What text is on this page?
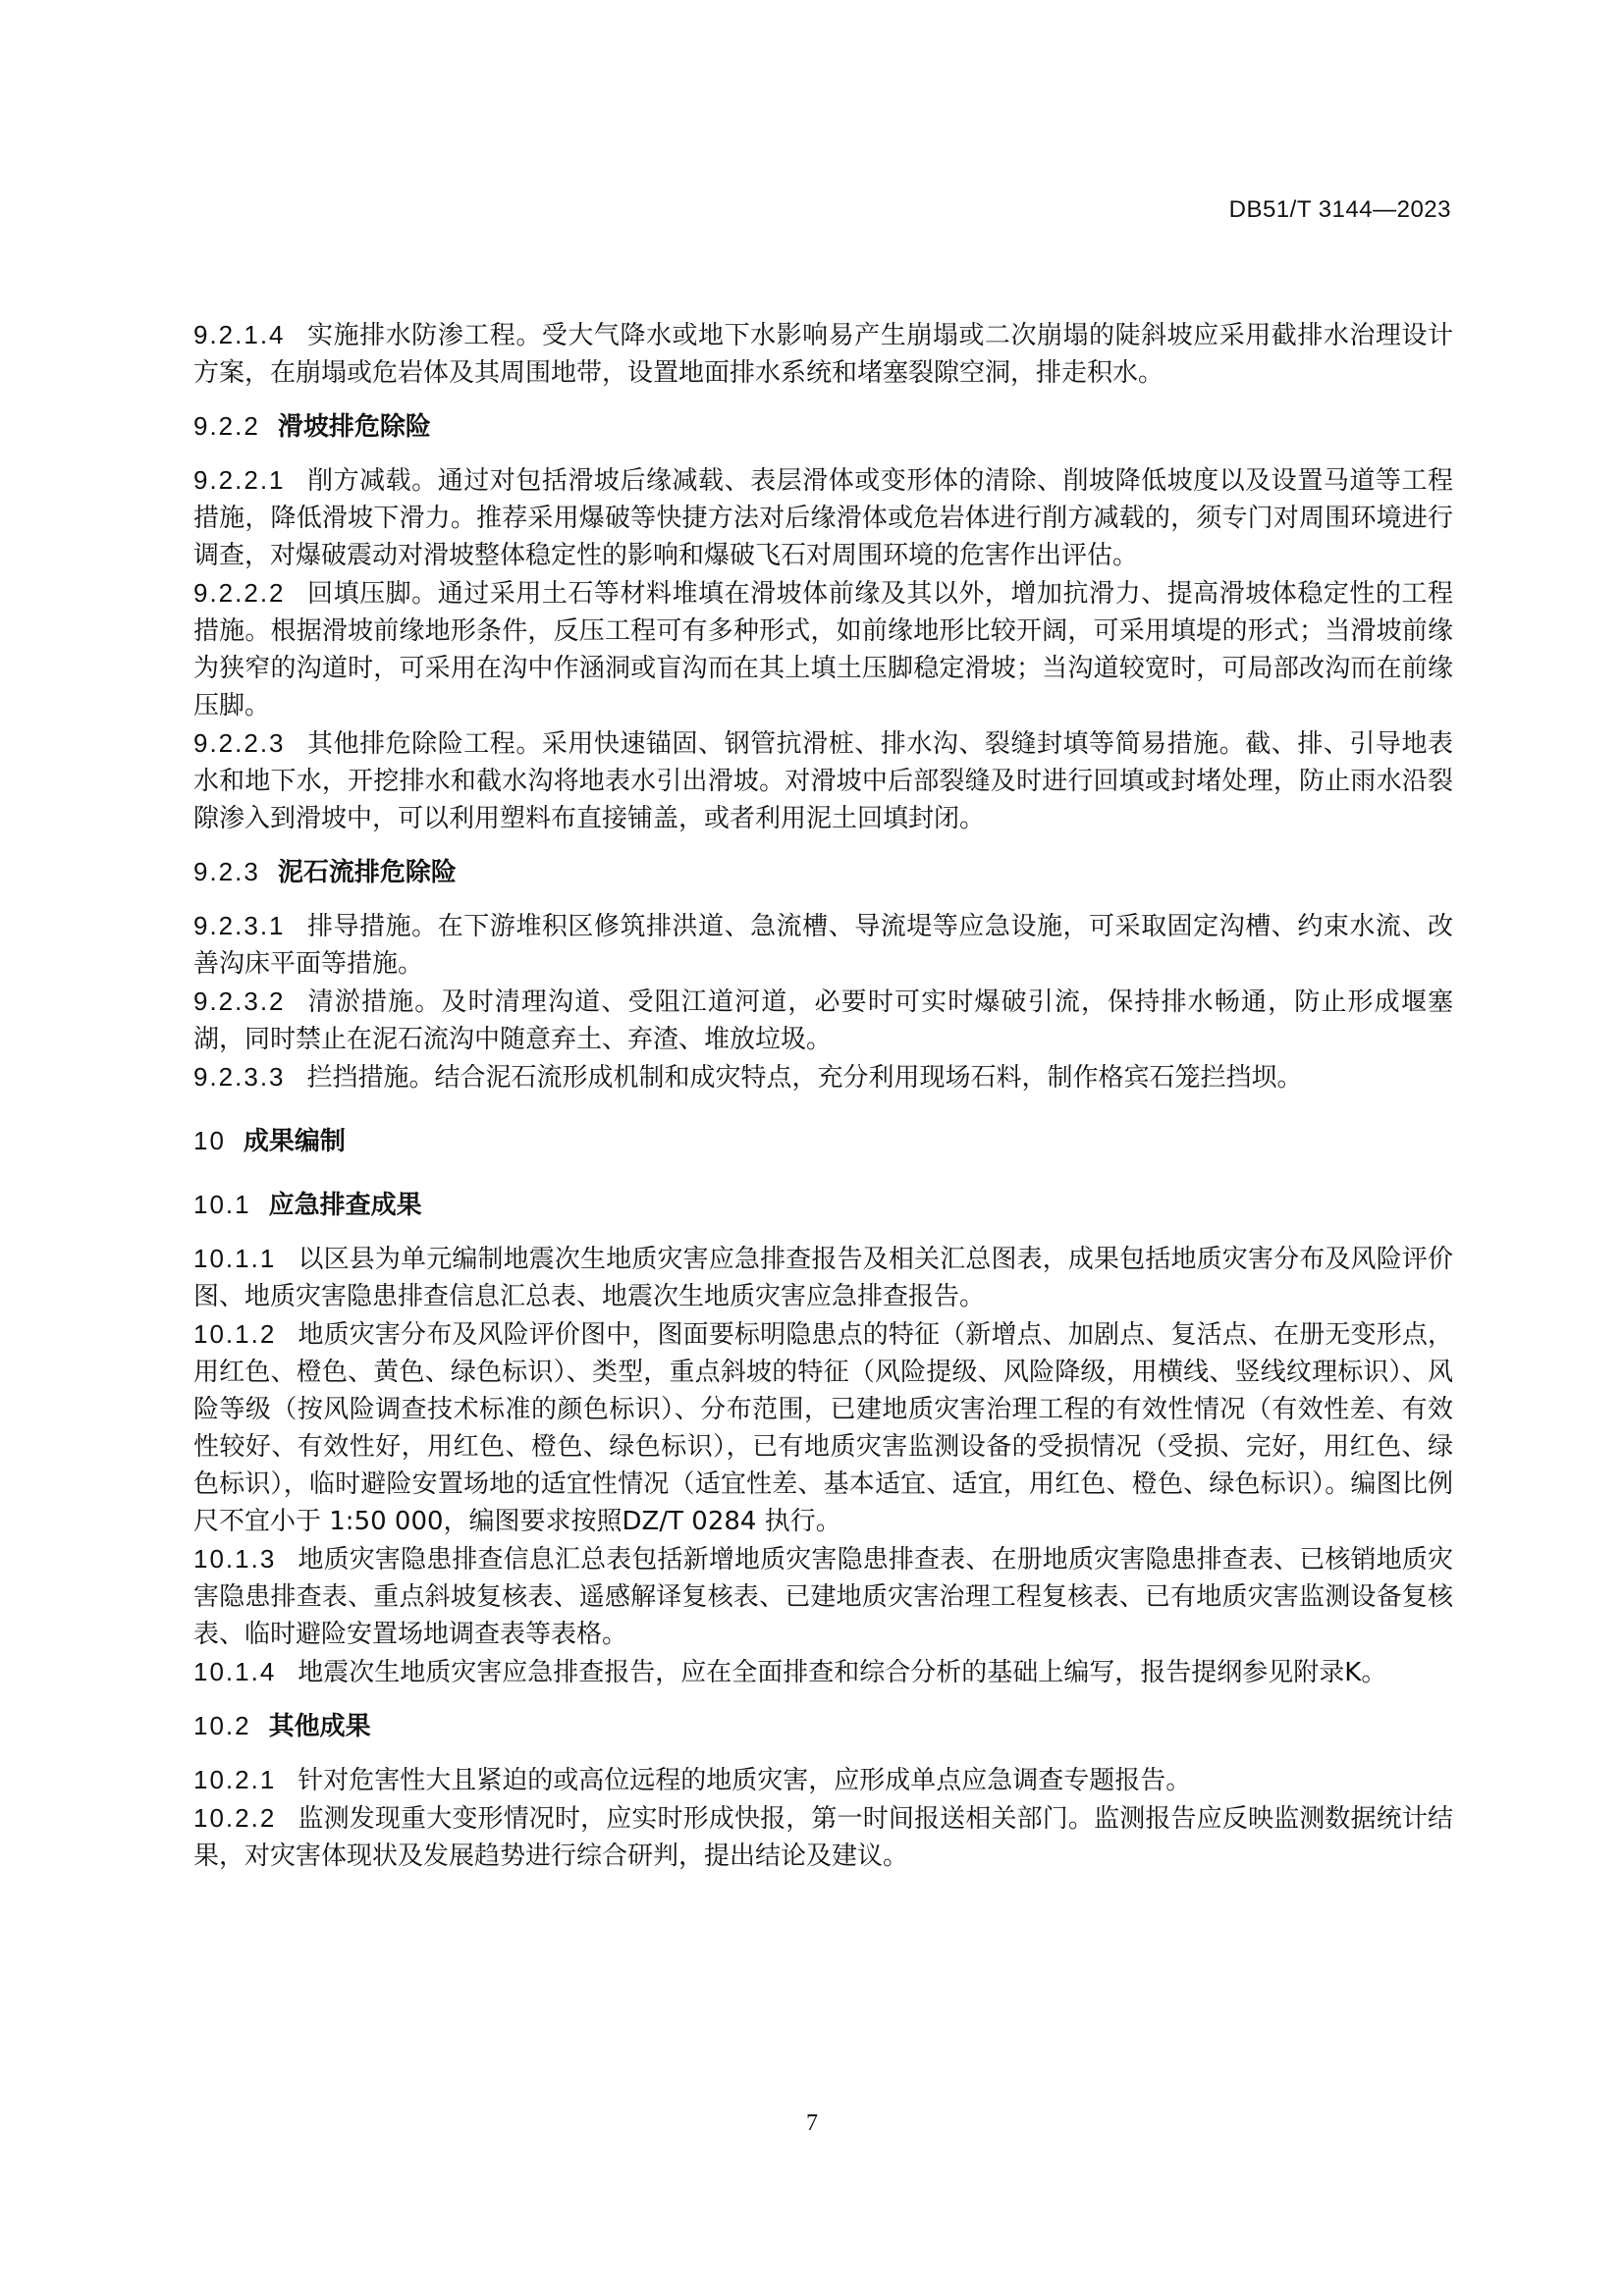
DB51/T 3144—2023

9.2.1.4 实施排水防渗工程。受大气降水或地下水影响易产生崩塌或二次崩塌的陡斜坡应采用截排水治理设计方案，在崩塌或危岩体及其周围地带，设置地面排水系统和堵塞裂隙空洞，排走积水。

9.2.2 滑坡排危除险

9.2.2.1 削方减载。通过对包括滑坡后缘减载、表层滑体或变形体的清除、削坡降低坡度以及设置马道等工程措施，降低滑坡下滑力。推荐采用爆破等快捷方法对后缘滑体或危岩体进行削方减载的，须专门对周围环境进行调查，对爆破震动对滑坡整体稳定性的影响和爆破飞石对周围环境的危害作出评估。

9.2.2.2 回填压脚。通过采用土石等材料堆填在滑坡体前缘及其以外，增加抗滑力、提高滑坡体稳定性的工程措施。根据滑坡前缘地形条件，反压工程可有多种形式，如前缘地形比较开阔，可采用填堤的形式；当滑坡前缘为狭窄的沟道时，可采用在沟中作涵洞或盲沟而在其上填土压脚稳定滑坡；当沟道较宽时，可局部改沟而在前缘压脚。

9.2.2.3 其他排危除险工程。采用快速锚固、钢管抗滑桩、排水沟、裂缝封填等简易措施。截、排、引导地表水和地下水，开挖排水和截水沟将地表水引出滑坡。对滑坡中后部裂缝及时进行回填或封堵处理，防止雨水沿裂隙渗入到滑坡中，可以利用塑料布直接铺盖，或者利用泥土回填封闭。

9.2.3 泥石流排危除险

9.2.3.1 排导措施。在下游堆积区修筑排洪道、急流槽、导流堤等应急设施，可采取固定沟槽、约束水流、改善沟床平面等措施。

9.2.3.2 清淤措施。及时清理沟道、受阻江道河道，必要时可实时爆破引流，保持排水畅通，防止形成堰塞湖，同时禁止在泥石流沟中随意弃土、弃渣、堆放垃圾。

9.2.3.3 拦挡措施。结合泥石流形成机制和成灾特点，充分利用现场石料，制作格宾石笼拦挡坝。

10 成果编制

10.1 应急排查成果

10.1.1 以区县为单元编制地震次生地质灾害应急排查报告及相关汇总图表，成果包括地质灾害分布及风险评价图、地质灾害隐患排查信息汇总表、地震次生地质灾害应急排查报告。

10.1.2 地质灾害分布及风险评价图中，图面要标明隐患点的特征（新增点、加剧点、复活点、在册无变形点，用红色、橙色、黄色、绿色标识）、类型，重点斜坡的特征（风险提级、风险降级，用横线、竖线纹理标识）、风险等级（按风险调查技术标准的颜色标识）、分布范围，已建地质灾害治理工程的有效性情况（有效性差、有效性较好、有效性好，用红色、橙色、绿色标识），已有地质灾害监测设备的受损情况（受损、完好，用红色、绿色标识），临时避险安置场地的适宜性情况（适宜性差、基本适宜、适宜，用红色、橙色、绿色标识）。编图比例尺不宜小于 1:50 000，编图要求按照DZ/T 0284 执行。

10.1.3 地质灾害隐患排查信息汇总表包括新增地质灾害隐患排查表、在册地质灾害隐患排查表、已核销地质灾害隐患排查表、重点斜坡复核表、遥感解译复核表、已建地质灾害治理工程复核表、已有地质灾害监测设备复核表、临时避险安置场地调查表等表格。

10.1.4 地震次生地质灾害应急排查报告，应在全面排查和综合分析的基础上编写，报告提纲参见附录K。

10.2 其他成果

10.2.1 针对危害性大且紧迫的或高位远程的地质灾害，应形成单点应急调查专题报告。

10.2.2 监测发现重大变形情况时，应实时形成快报，第一时间报送相关部门。监测报告应反映监测数据统计结果，对灾害体现状及发展趋势进行综合研判，提出结论及建议。

7
